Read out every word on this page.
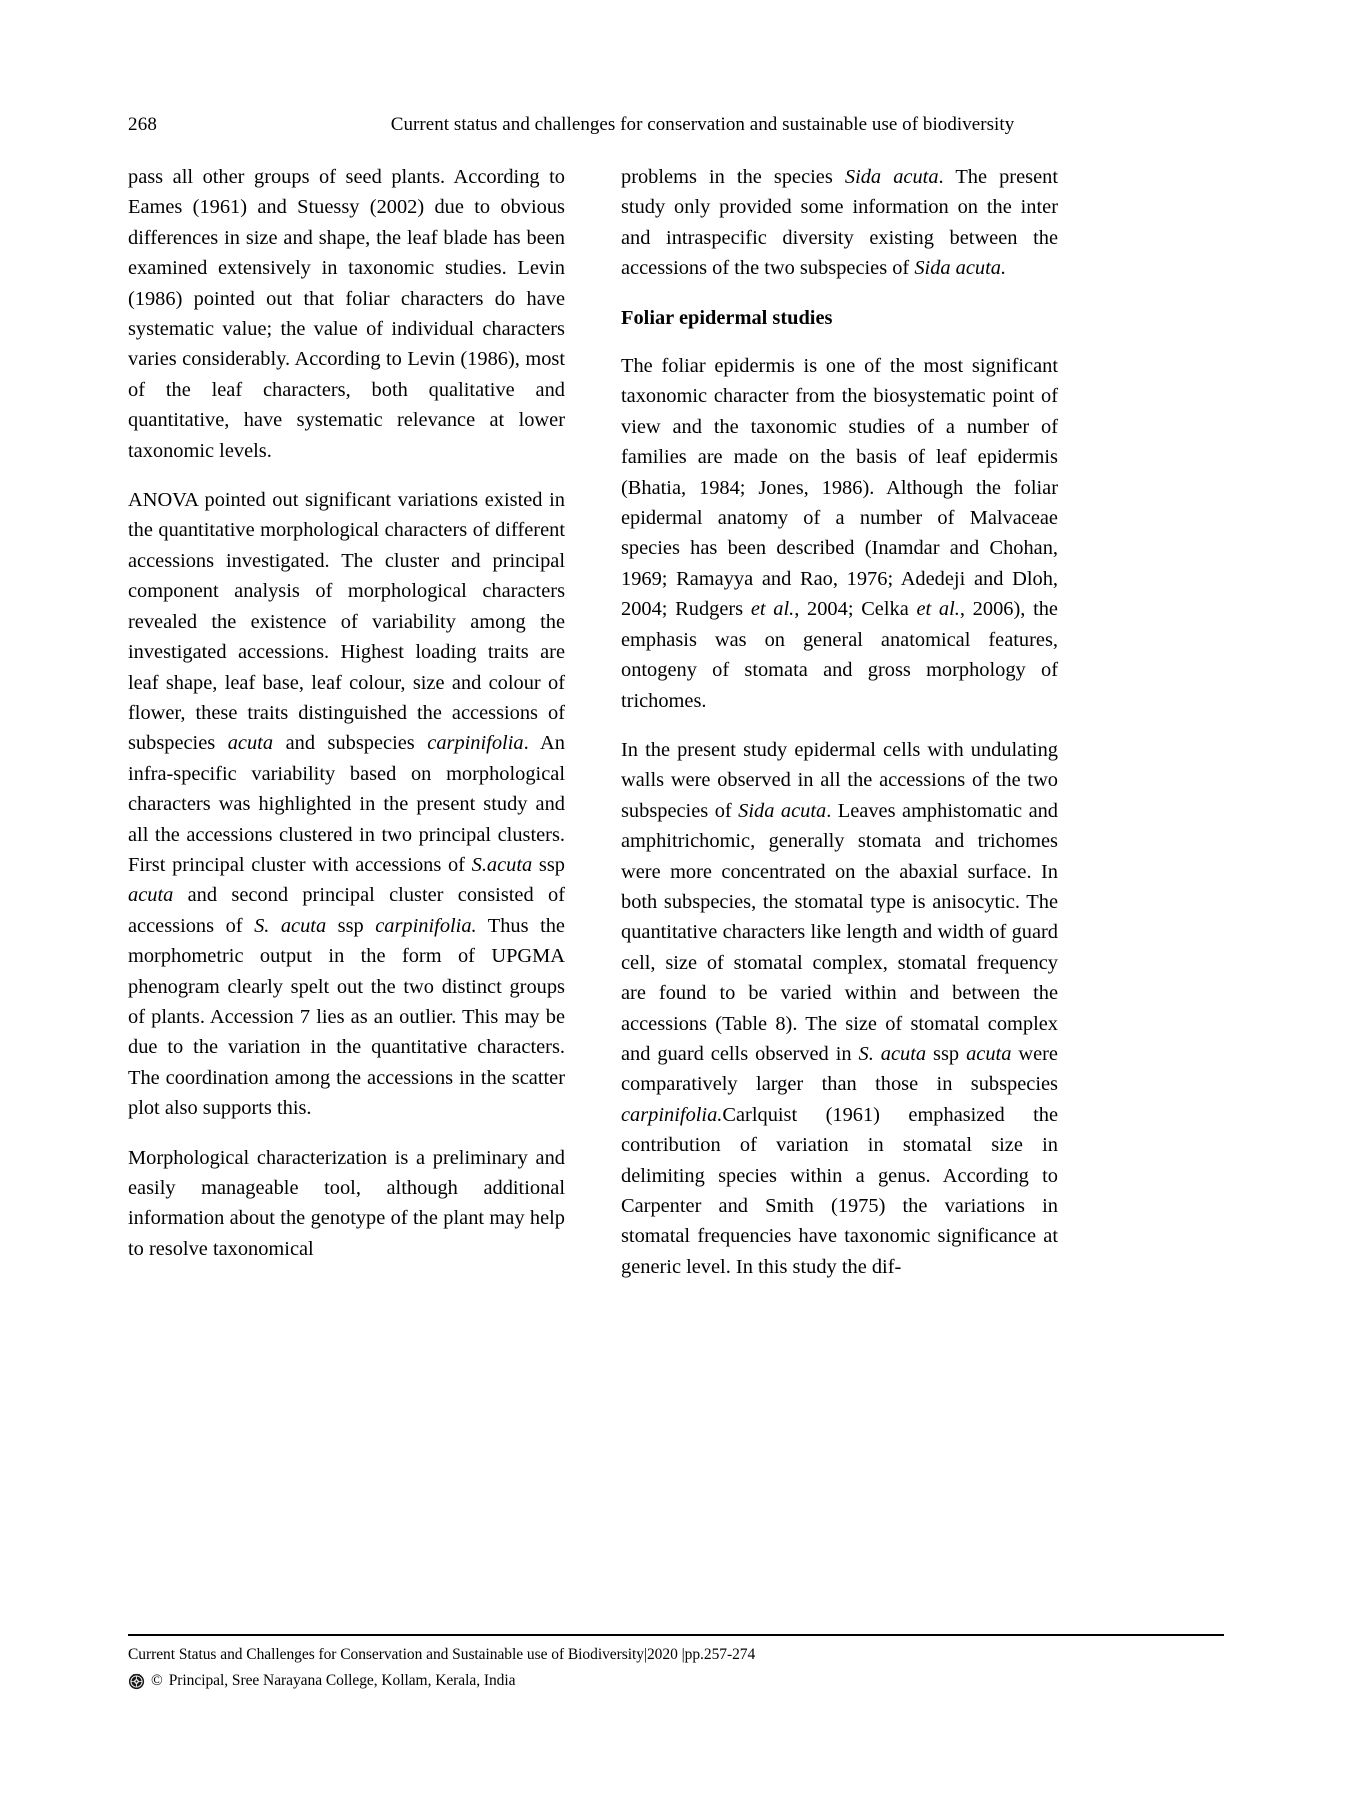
268	Current status and challenges for conservation and sustainable use of biodiversity

pass all other groups of seed plants. According to Eames (1961) and Stuessy (2002) due to obvious differences in size and shape, the leaf blade has been examined extensively in taxonomic studies. Levin (1986) pointed out that foliar characters do have systematic value; the value of individual characters varies considerably. According to Levin (1986), most of the leaf characters, both qualitative and quantitative, have systematic relevance at lower taxonomic levels.

ANOVA pointed out significant variations existed in the quantitative morphological characters of different accessions investigated. The cluster and principal component analysis of morphological characters revealed the existence of variability among the investigated accessions. Highest loading traits are leaf shape, leaf base, leaf colour, size and colour of flower, these traits distinguished the accessions of subspecies acuta and subspecies carpinifolia. An infra-specific variability based on morphological characters was highlighted in the present study and all the accessions clustered in two principal clusters. First principal cluster with accessions of S.acuta ssp acuta and second principal cluster consisted of accessions of S. acuta ssp carpinifolia. Thus the morphometric output in the form of UPGMA phenogram clearly spelt out the two distinct groups of plants. Accession 7 lies as an outlier. This may be due to the variation in the quantitative characters. The coordination among the accessions in the scatter plot also supports this.

Morphological characterization is a preliminary and easily manageable tool, although additional information about the genotype of the plant may help to resolve taxonomical

problems in the species Sida acuta. The present study only provided some information on the inter and intraspecific diversity existing between the accessions of the two subspecies of Sida acuta.

Foliar epidermal studies

The foliar epidermis is one of the most significant taxonomic character from the biosystematic point of view and the taxonomic studies of a number of families are made on the basis of leaf epidermis (Bhatia, 1984; Jones, 1986). Although the foliar epidermal anatomy of a number of Malvaceae species has been described (Inamdar and Chohan, 1969; Ramayya and Rao, 1976; Adedeji and Dloh, 2004; Rudgers et al., 2004; Celka et al., 2006), the emphasis was on general anatomical features, ontogeny of stomata and gross morphology of trichomes.

In the present study epidermal cells with undulating walls were observed in all the accessions of the two subspecies of Sida acuta. Leaves amphistomatic and amphitrichomic, generally stomata and trichomes were more concentrated on the abaxial surface. In both subspecies, the stomatal type is anisocytic. The quantitative characters like length and width of guard cell, size of stomatal complex, stomatal frequency are found to be varied within and between the accessions (Table 8). The size of stomatal complex and guard cells observed in S. acuta ssp acuta were comparatively larger than those in subspecies carpinifolia.Carlquist (1961) emphasized the contribution of variation in stomatal size in delimiting species within a genus. According to Carpenter and Smith (1975) the variations in stomatal frequencies have taxonomic significance at generic level. In this study the dif-

Current Status and Challenges for Conservation and Sustainable use of Biodiversity|2020 |pp.257-274
© Principal, Sree Narayana College, Kollam, Kerala, India
